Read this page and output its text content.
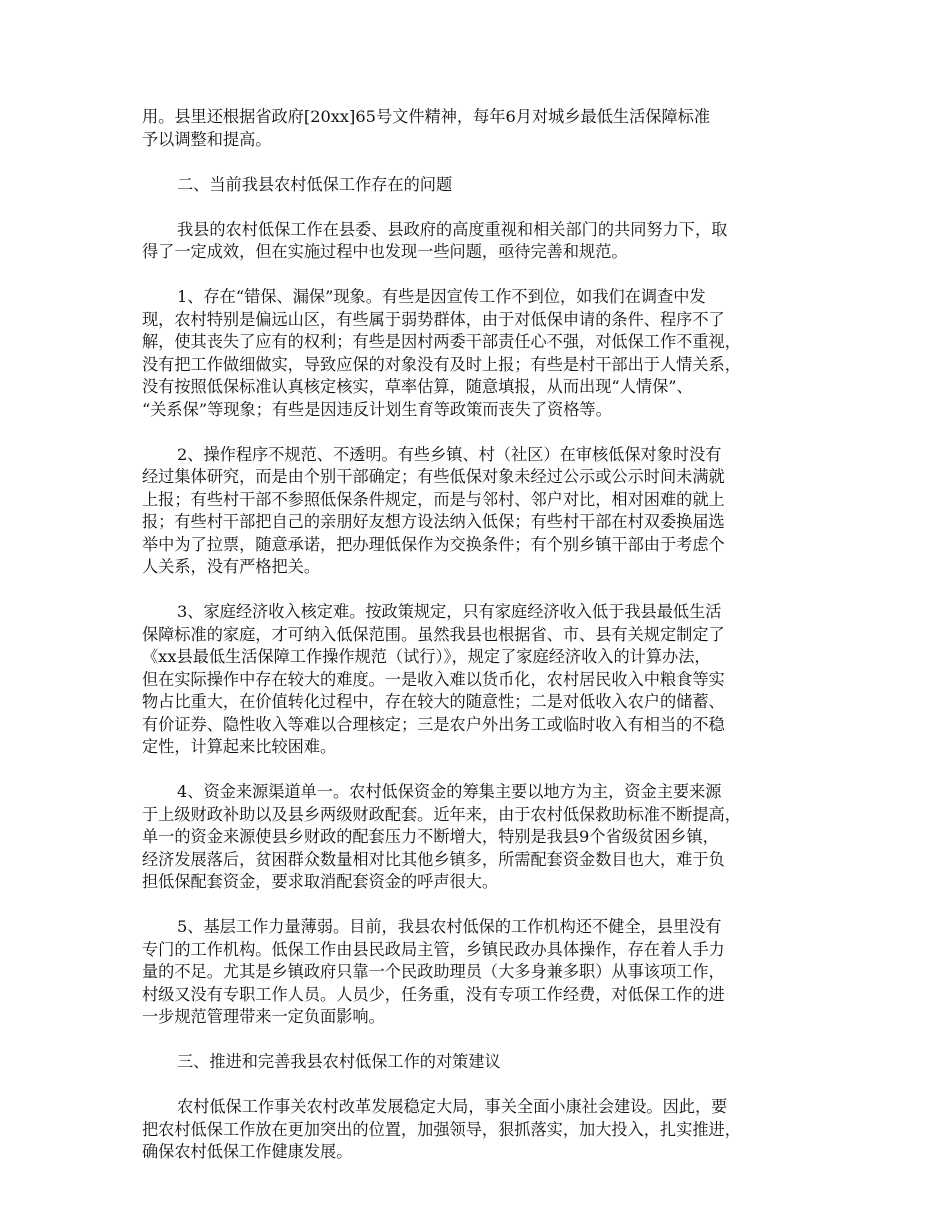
用。县里还根据省政府[20xx]65号文件精神，每年6月对城乡最低生活保障标准
予以调整和提高。
二、当前我县农村低保工作存在的问题
我县的农村低保工作在县委、县政府的高度重视和相关部门的共同努力下，取
得了一定成效，但在实施过程中也发现一些问题，亟待完善和规范。
1、存在“错保、漏保”现象。有些是因宣传工作不到位，如我们在调查中发
现，农村特别是偏远山区，有些属于弱势群体，由于对低保申请的条件、程序不了
解，使其丧失了应有的权利；有些是因村两委干部责任心不强，对低保工作不重视，
没有把工作做细做实，导致应保的对象没有及时上报；有些是村干部出于人情关系，
没有按照低保标准认真核定核实，草率估算，随意填报，从而出现“人情保”、
“关系保”等现象；有些是因违反计划生育等政策而丧失了资格等。
2、操作程序不规范、不透明。有些乡镇、村（社区）在审核低保对象时没有
经过集体研究，而是由个别干部确定；有些低保对象未经过公示或公示时间未满就
上报；有些村干部不参照低保条件规定，而是与邻村、邻户对比，相对困难的就上
报；有些村干部把自己的亲朋好友想方设法纳入低保；有些村干部在村双委换届选
举中为了拉票，随意承诺，把办理低保作为交换条件；有个别乡镇干部由于考虑个
人关系，没有严格把关。
3、家庭经济收入核定难。按政策规定，只有家庭经济收入低于我县最低生活
保障标准的家庭，才可纳入低保范围。虽然我县也根据省、市、县有关规定制定了
《xx县最低生活保障工作操作规范（试行）》，规定了家庭经济收入的计算办法，
但在实际操作中存在较大的难度。一是收入难以货币化，农村居民收入中粮食等实
物占比重大，在价值转化过程中，存在较大的随意性；二是对低收入农户的储蓄、
有价证券、隐性收入等难以合理核定；三是农户外出务工或临时收入有相当的不稳
定性，计算起来比较困难。
4、资金来源渠道单一。农村低保资金的筹集主要以地方为主，资金主要来源
于上级财政补助以及县乡两级财政配套。近年来，由于农村低保救助标准不断提高，
单一的资金来源使县乡财政的配套压力不断增大，特别是我县9个省级贫困乡镇，
经济发展落后，贫困群众数量相对比其他乡镇多，所需配套资金数目也大，难于负
担低保配套资金，要求取消配套资金的呼声很大。
5、基层工作力量薄弱。目前，我县农村低保的工作机构还不健全，县里没有
专门的工作机构。低保工作由县民政局主管，乡镇民政办具体操作，存在着人手力
量的不足。尤其是乡镇政府只靠一个民政助理员（大多身兼多职）从事该项工作，
村级又没有专职工作人员。人员少，任务重，没有专项工作经费，对低保工作的进
一步规范管理带来一定负面影响。
三、推进和完善我县农村低保工作的对策建议
农村低保工作事关农村改革发展稳定大局，事关全面小康社会建设。因此，要
把农村低保工作放在更加突出的位置，加强领导，狠抓落实，加大投入，扎实推进，
确保农村低保工作健康发展。
